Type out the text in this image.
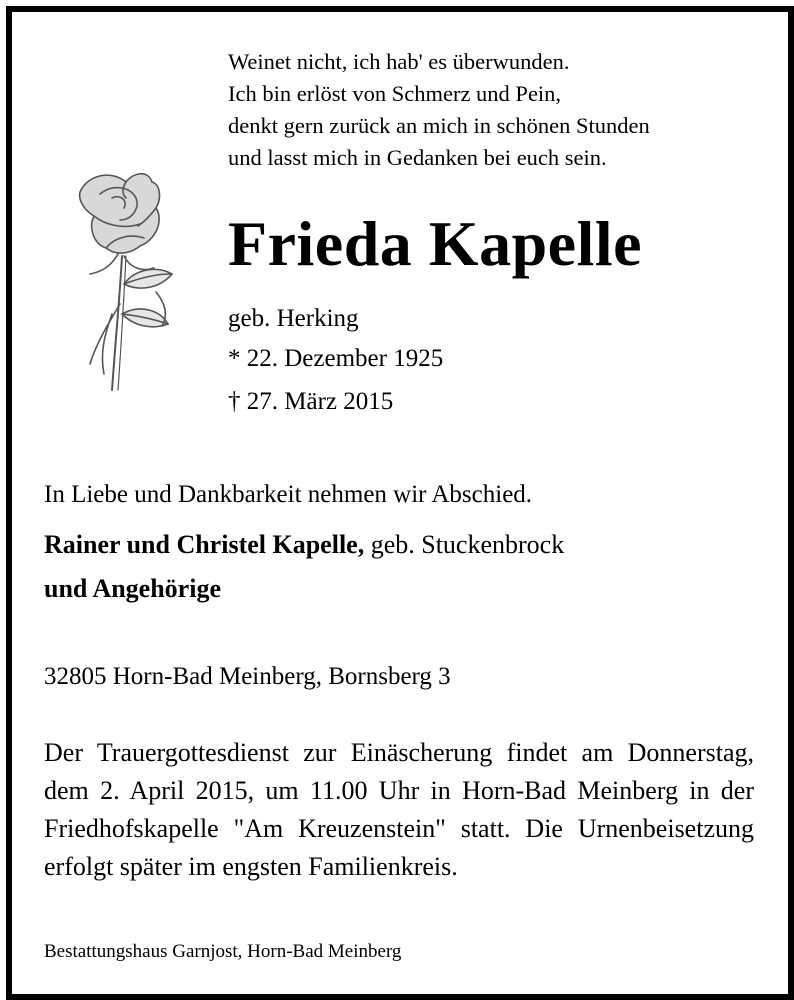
Weinet nicht, ich hab' es überwunden.
Ich bin erlöst von Schmerz und Pein,
denkt gern zurück an mich in schönen Stunden
und lasst mich in Gedanken bei euch sein.
Frieda Kapelle
geb. Herking
* 22. Dezember 1925
† 27. März 2015
In Liebe und Dankbarkeit nehmen wir Abschied.
Rainer und Christel Kapelle, geb. Stuckenbrock
und Angehörige
32805 Horn-Bad Meinberg, Bornsberg 3
Der Trauergottesdienst zur Einäscherung findet am Donnerstag, dem 2. April 2015, um 11.00 Uhr in Horn-Bad Meinberg in der Friedhofskapelle "Am Kreuzenstein" statt. Die Urnenbeisetzung erfolgt später im engsten Familienkreis.
Bestattungshaus Garnjost, Horn-Bad Meinberg
